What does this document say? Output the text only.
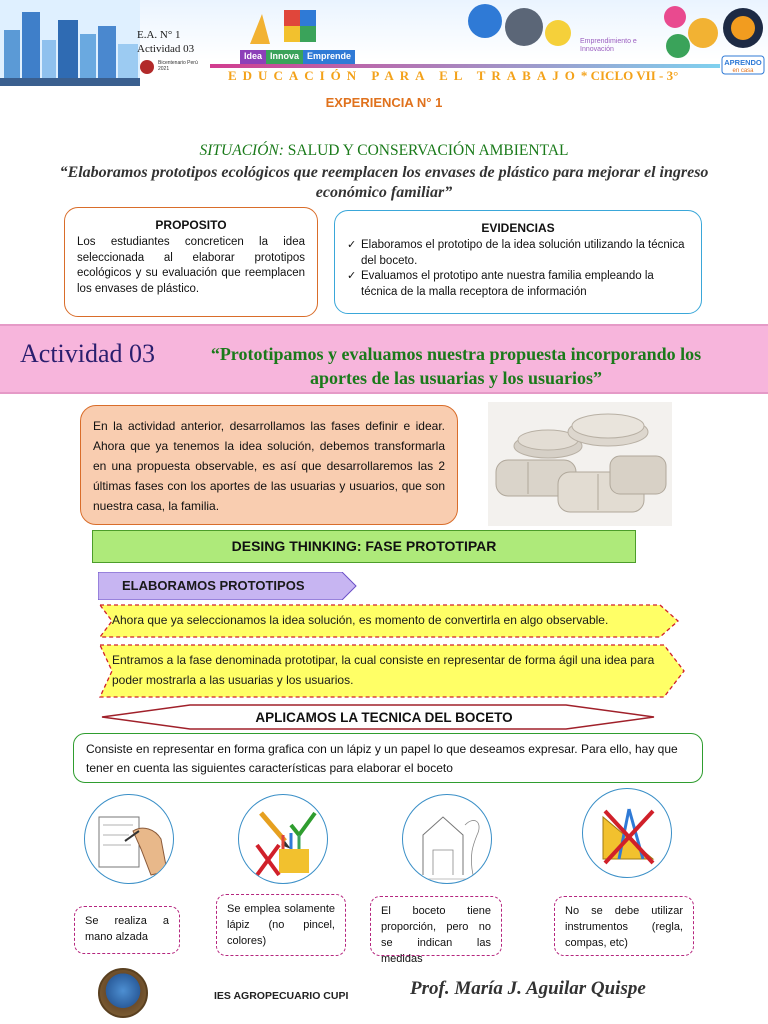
E.A. N° 1
Actividad 03
Bicentenario Perú 2021
Idea Innova Emprende
Emprendimiento e Innovación
APRENDO
en casa
EDUCACIÓN PARA EL TRABAJO* CICLO VII - 3°
EXPERIENCIA N° 1
SITUACIÓN: SALUD Y CONSERVACIÓN AMBIENTAL
“Elaboramos prototipos ecológicos que reemplacen los envases de plástico para mejorar el ingreso económico familiar”
PROPOSITO

Los estudiantes concreticen la idea seleccionada al elaborar prototipos ecológicos y su evaluación que reemplacen los envases de plástico.

EVIDENCIAS
✓ Elaboramos el prototipo de la idea solución utilizando la técnica del boceto.
✓ Evaluamos el prototipo ante nuestra familia empleando la técnica de la malla receptora de información
Actividad 03	“Prototipamos y evaluamos nuestra propuesta incorporando los aportes de las usuarias y los usuarios”

En la actividad anterior, desarrollamos las fases definir e idear. Ahora que ya tenemos la idea solución, debemos transformarla en una propuesta observable, es así que desarrollaremos las 2 últimas fases con los aportes de las usuarias y usuarios, que son nuestra casa, la familia.

DESING THINKING: FASE PROTOTIPAR
ELABORAMOS PROTOTIPOS
Ahora que ya seleccionamos la idea solución, es momento de convertirla en algo observable.
Entramos a la fase denominada prototipar, la cual consiste en representar de forma ágil una idea para poder mostrarla a las usuarias y los usuarios.
APLICAMOS LA TECNICA DEL BOCETO

Consiste en representar en forma grafica con un lápiz y un papel lo que deseamos expresar. Para ello, hay que tener en cuenta las siguientes características para elaborar el boceto

Se realiza a mano alzada
Se emplea solamente lápiz (no pincel, colores)
El boceto tiene proporción, pero no se indican las medidas
No se debe utilizar instrumentos (regla, compas, etc)
IES AGROPECUARIO CUPI	Prof. María J. Aguilar Quispe
